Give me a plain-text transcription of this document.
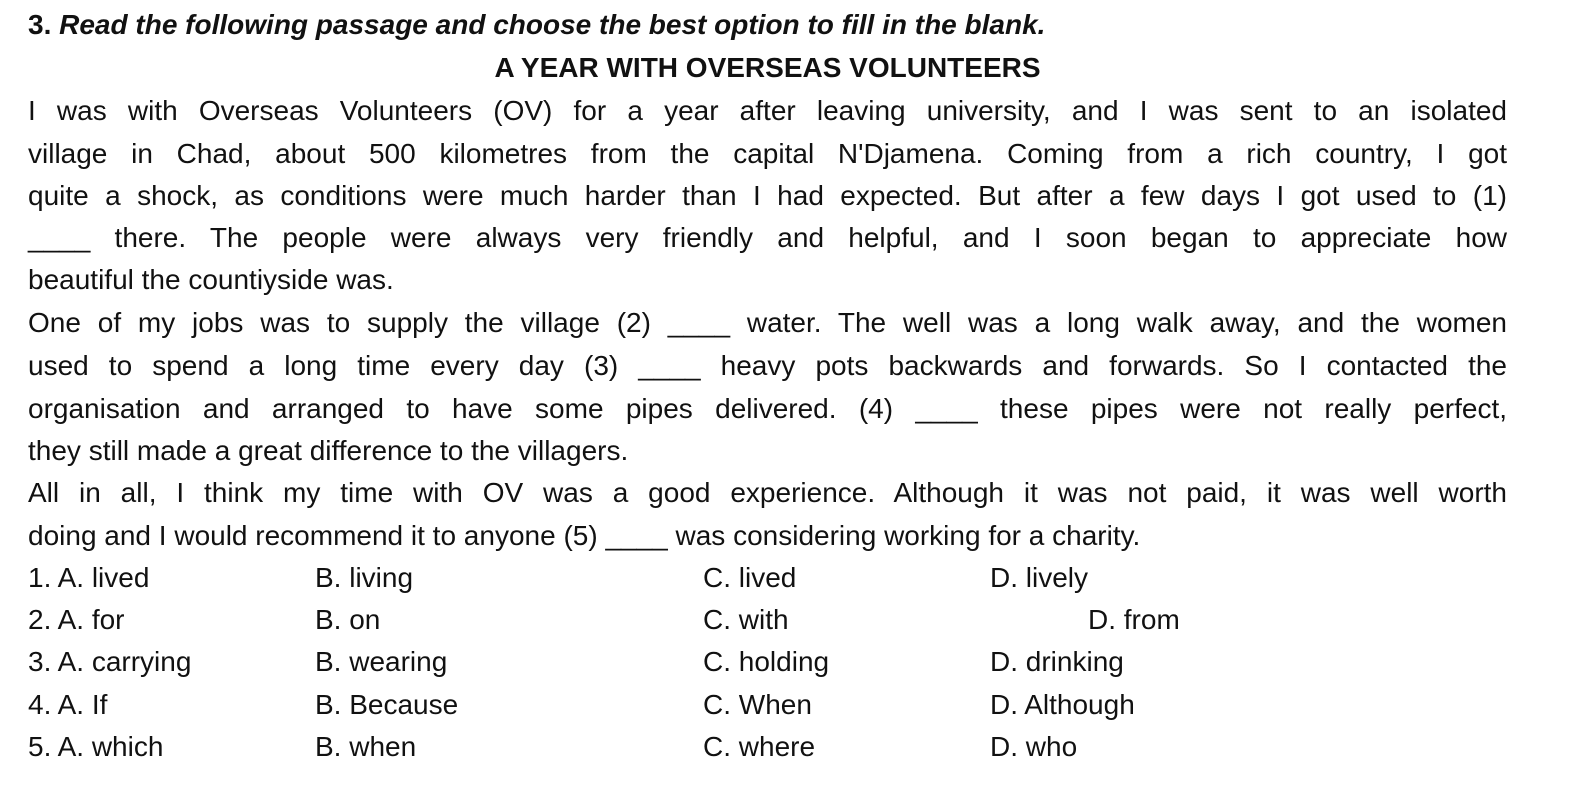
3. Read the following passage and choose the best option to fill in the blank.
A YEAR WITH OVERSEAS VOLUNTEERS
I was with Overseas Volunteers (OV) for a year after leaving university, and I was sent to an isolated
village in Chad, about 500 kilometres from the capital N'Djamena. Coming from a rich country, I got
quite a shock, as conditions were much harder than I had expected. But after a few days I got used to (1)
____ there. The people were always very friendly and helpful, and I soon began to appreciate how
beautiful the countiyside was.
One of my jobs was to supply the village (2) ____ water. The well was a long walk away, and the women
used to spend a long time every day (3) ____ heavy pots backwards and forwards. So I contacted the
organisation and arranged to have some pipes delivered. (4) ____ these pipes were not really perfect,
they still made a great difference to the villagers.
All in all, I think my time with OV was a good experience. Although it was not paid, it was well worth
doing and I would recommend it to anyone (5) ____ was considering working for a charity.
1. A. lived	B. living	C. lived	D. lively
2. A. for	B. on	C. with	D. from
3. A. carrying	B. wearing	C. holding	D. drinking
4. A. If	B. Because	C. When	D. Although
5. A. which	B. when	C. where	D. who
